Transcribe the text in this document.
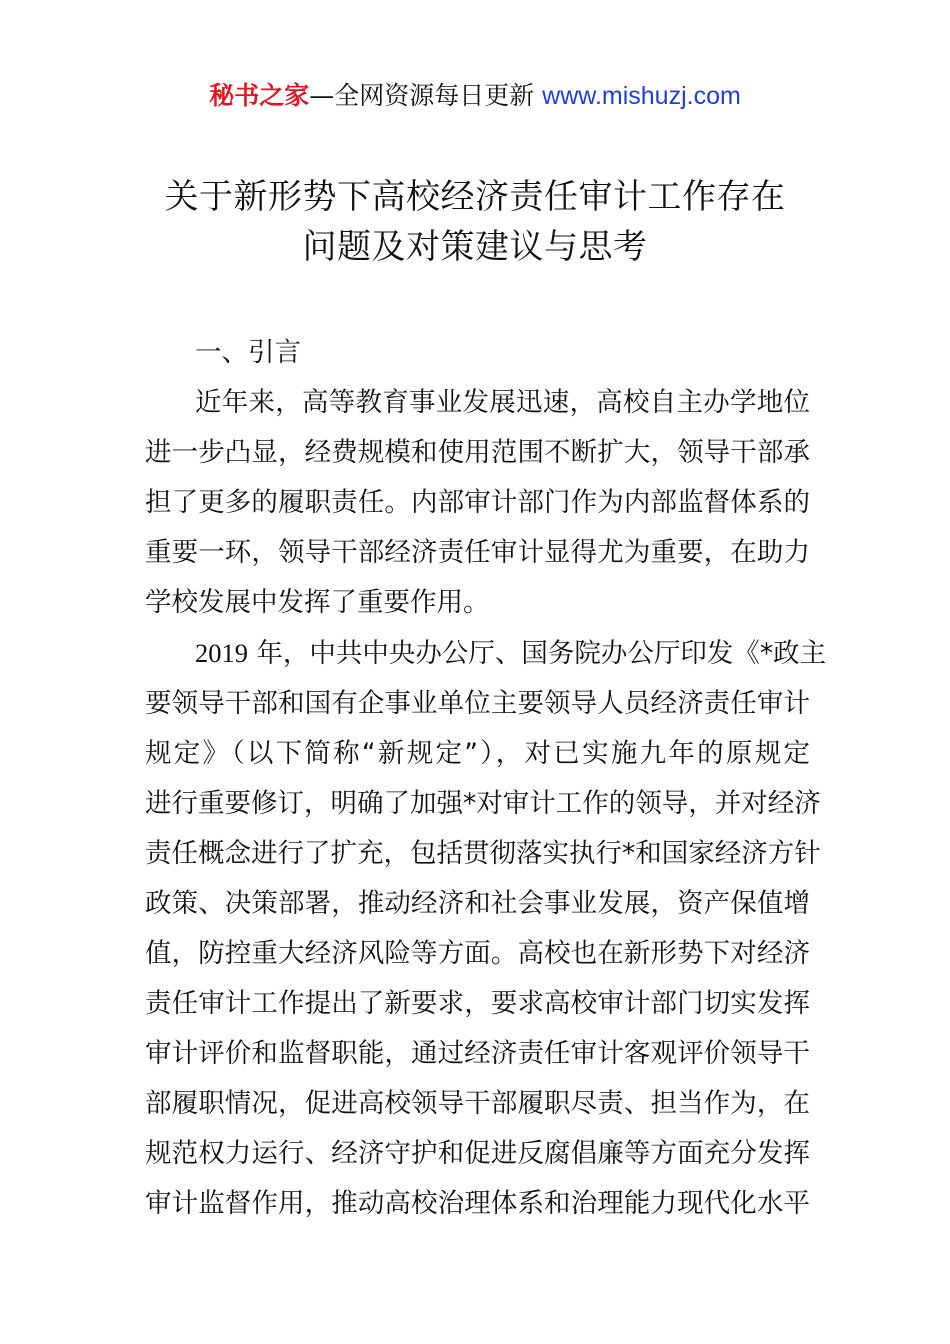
秘书之家—全网资源每日更新 www.mishuzj.com
关于新形势下高校经济责任审计工作存在
问题及对策建议与思考
一、引言
近年来，高等教育事业发展迅速，高校自主办学地位
进一步凸显，经费规模和使用范围不断扩大，领导干部承
担了更多的履职责任。内部审计部门作为内部监督体系的
重要一环，领导干部经济责任审计显得尤为重要，在助力
学校发展中发挥了重要作用。
2019 年，中共中央办公厅、国务院办公厅印发《*政主
要领导干部和国有企事业单位主要领导人员经济责任审计
规定》（以下简称“新规定”），对已实施九年的原规定
进行重要修订，明确了加强*对审计工作的领导，并对经济
责任概念进行了扩充，包括贯彻落实执行*和国家经济方针
政策、决策部署，推动经济和社会事业发展，资产保值增
值，防控重大经济风险等方面。高校也在新形势下对经济
责任审计工作提出了新要求，要求高校审计部门切实发挥
审计评价和监督职能，通过经济责任审计客观评价领导干
部履职情况，促进高校领导干部履职尽责、担当作为，在
规范权力运行、经济守护和促进反腐倡廉等方面充分发挥
审计监督作用，推动高校治理体系和治理能力现代化水平
